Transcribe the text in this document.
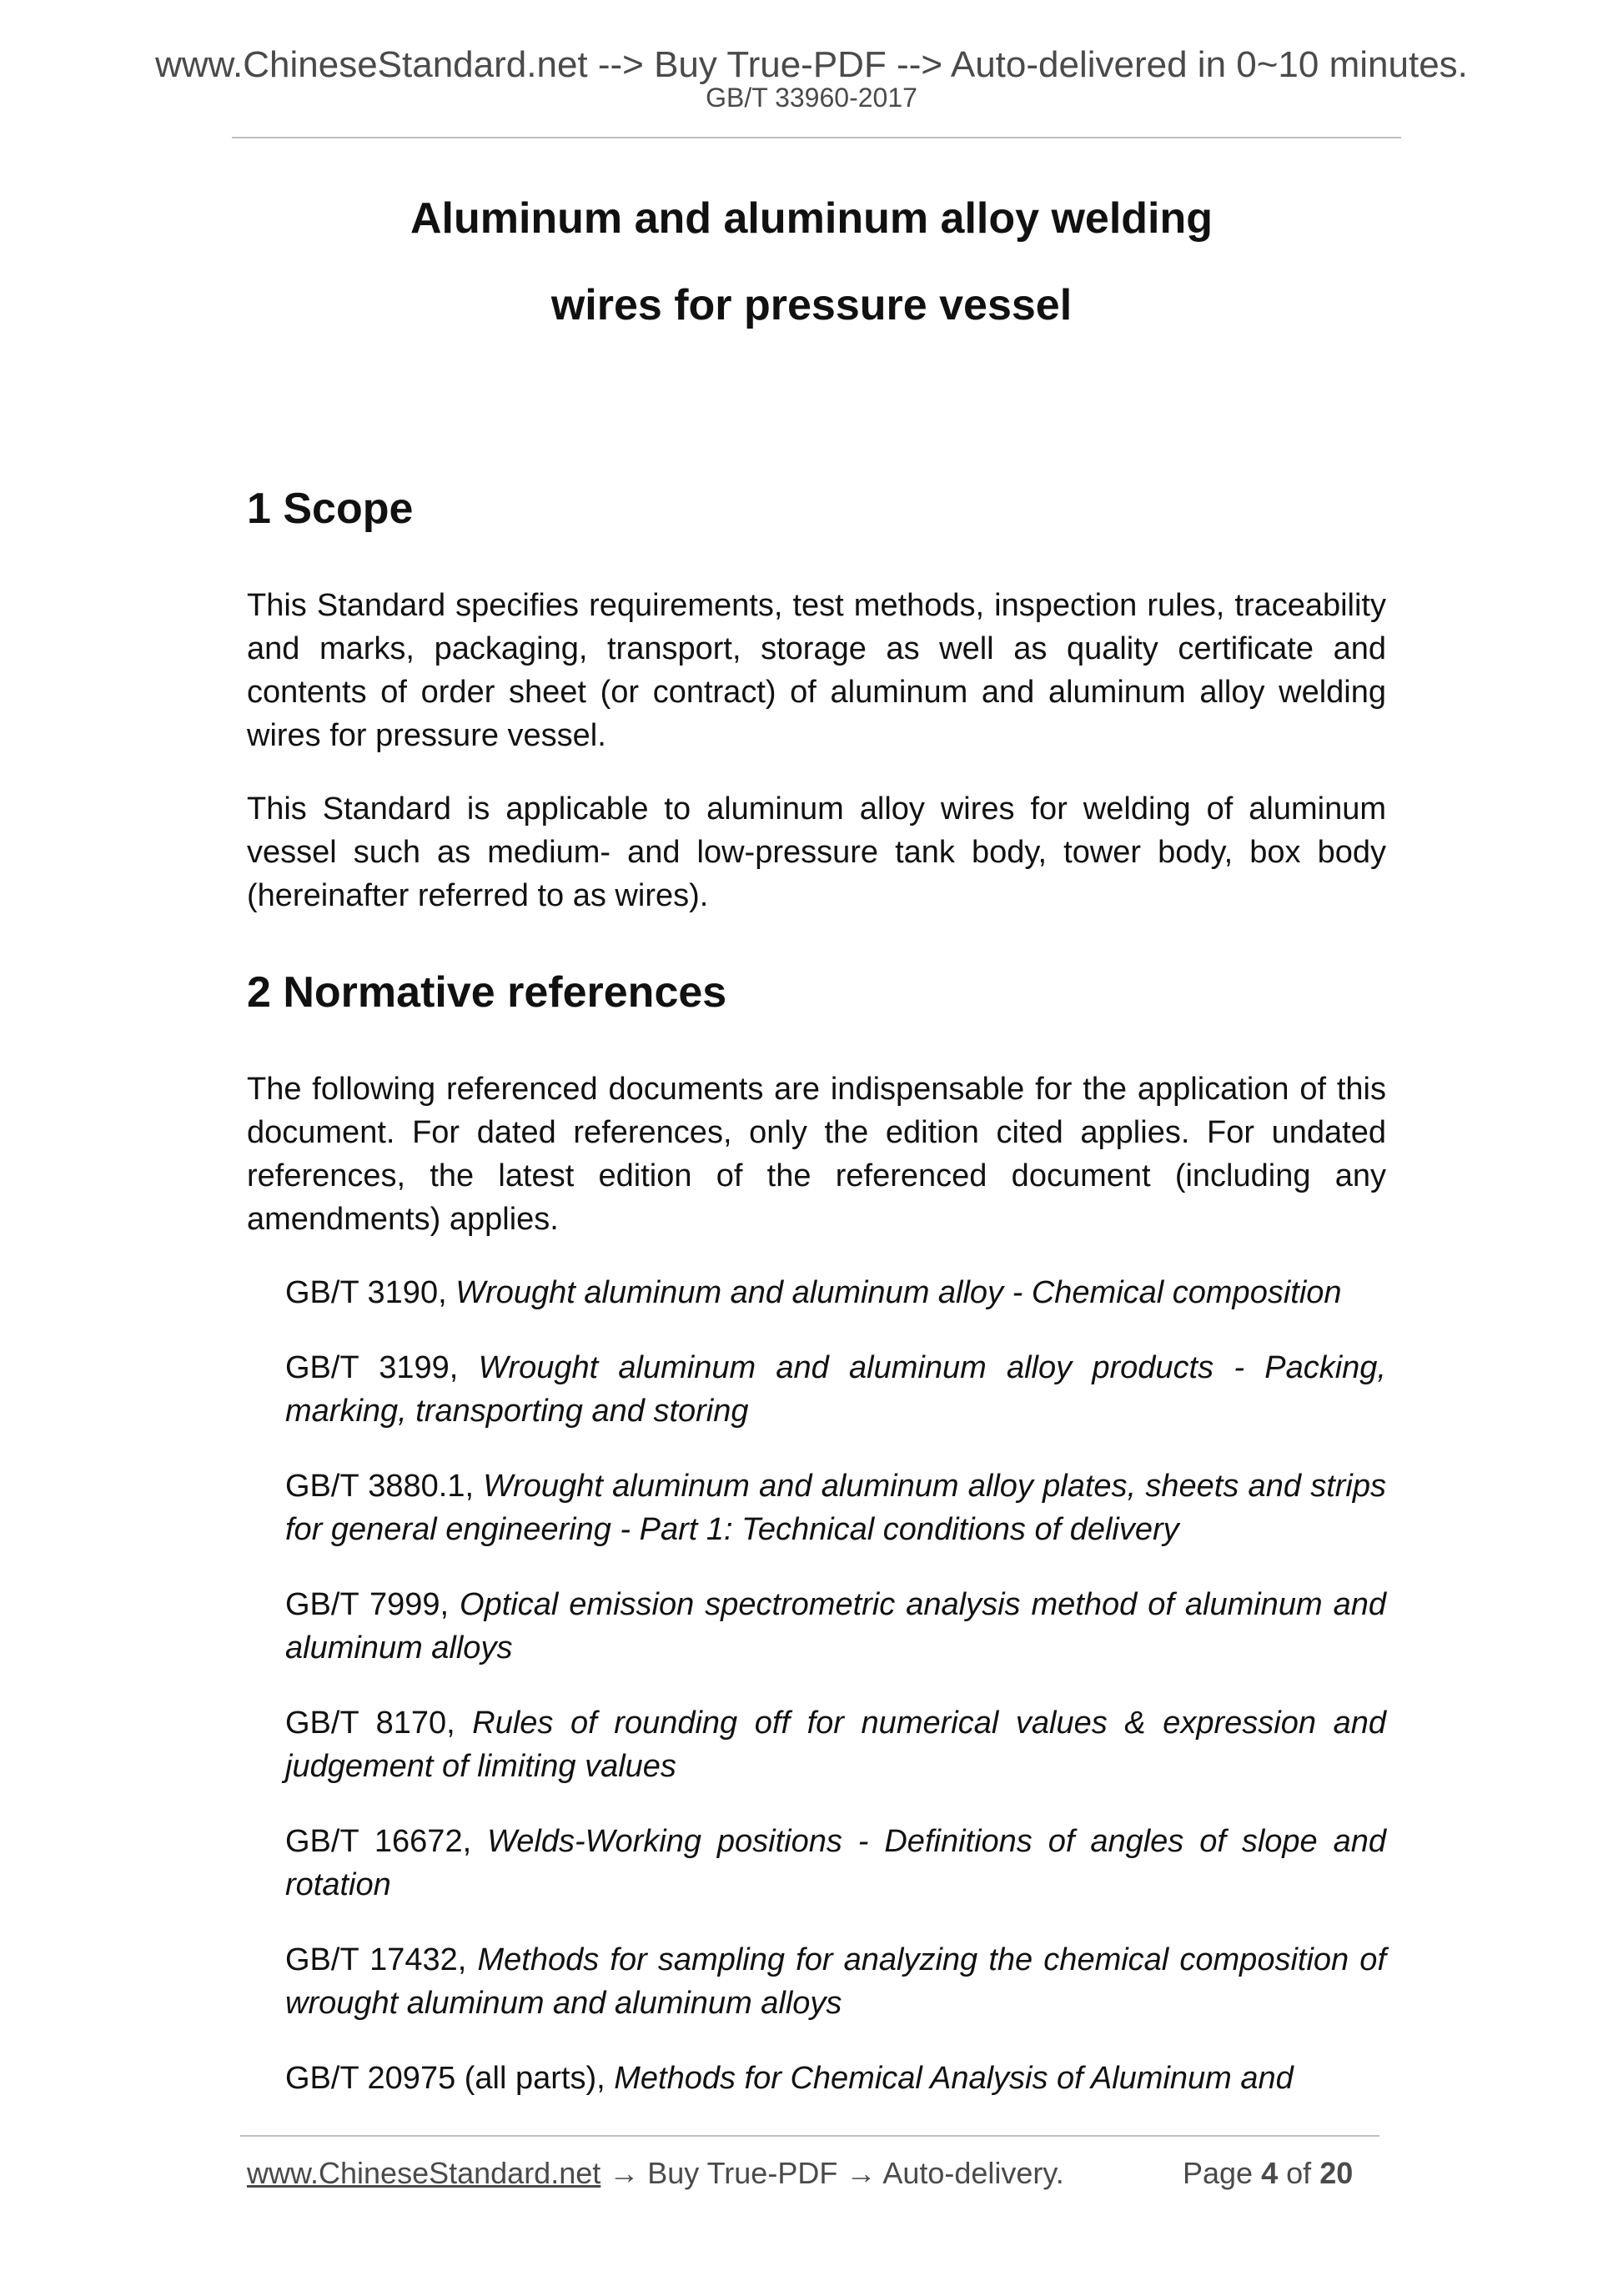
www.ChineseStandard.net --> Buy True-PDF --> Auto-delivered in 0~10 minutes.
GB/T 33960-2017
Aluminum and aluminum alloy welding
wires for pressure vessel
1 Scope
This Standard specifies requirements, test methods, inspection rules, traceability and marks, packaging, transport, storage as well as quality certificate and contents of order sheet (or contract) of aluminum and aluminum alloy welding wires for pressure vessel.
This Standard is applicable to aluminum alloy wires for welding of aluminum vessel such as medium- and low-pressure tank body, tower body, box body (hereinafter referred to as wires).
2 Normative references
The following referenced documents are indispensable for the application of this document. For dated references, only the edition cited applies. For undated references, the latest edition of the referenced document (including any amendments) applies.
GB/T 3190, Wrought aluminum and aluminum alloy - Chemical composition
GB/T 3199, Wrought aluminum and aluminum alloy products - Packing, marking, transporting and storing
GB/T 3880.1, Wrought aluminum and aluminum alloy plates, sheets and strips for general engineering - Part 1: Technical conditions of delivery
GB/T 7999, Optical emission spectrometric analysis method of aluminum and aluminum alloys
GB/T 8170, Rules of rounding off for numerical values & expression and judgement of limiting values
GB/T 16672, Welds-Working positions - Definitions of angles of slope and rotation
GB/T 17432, Methods for sampling for analyzing the chemical composition of wrought aluminum and aluminum alloys
GB/T 20975 (all parts), Methods for Chemical Analysis of Aluminum and
www.ChineseStandard.net → Buy True-PDF → Auto-delivery.	Page 4 of 20
